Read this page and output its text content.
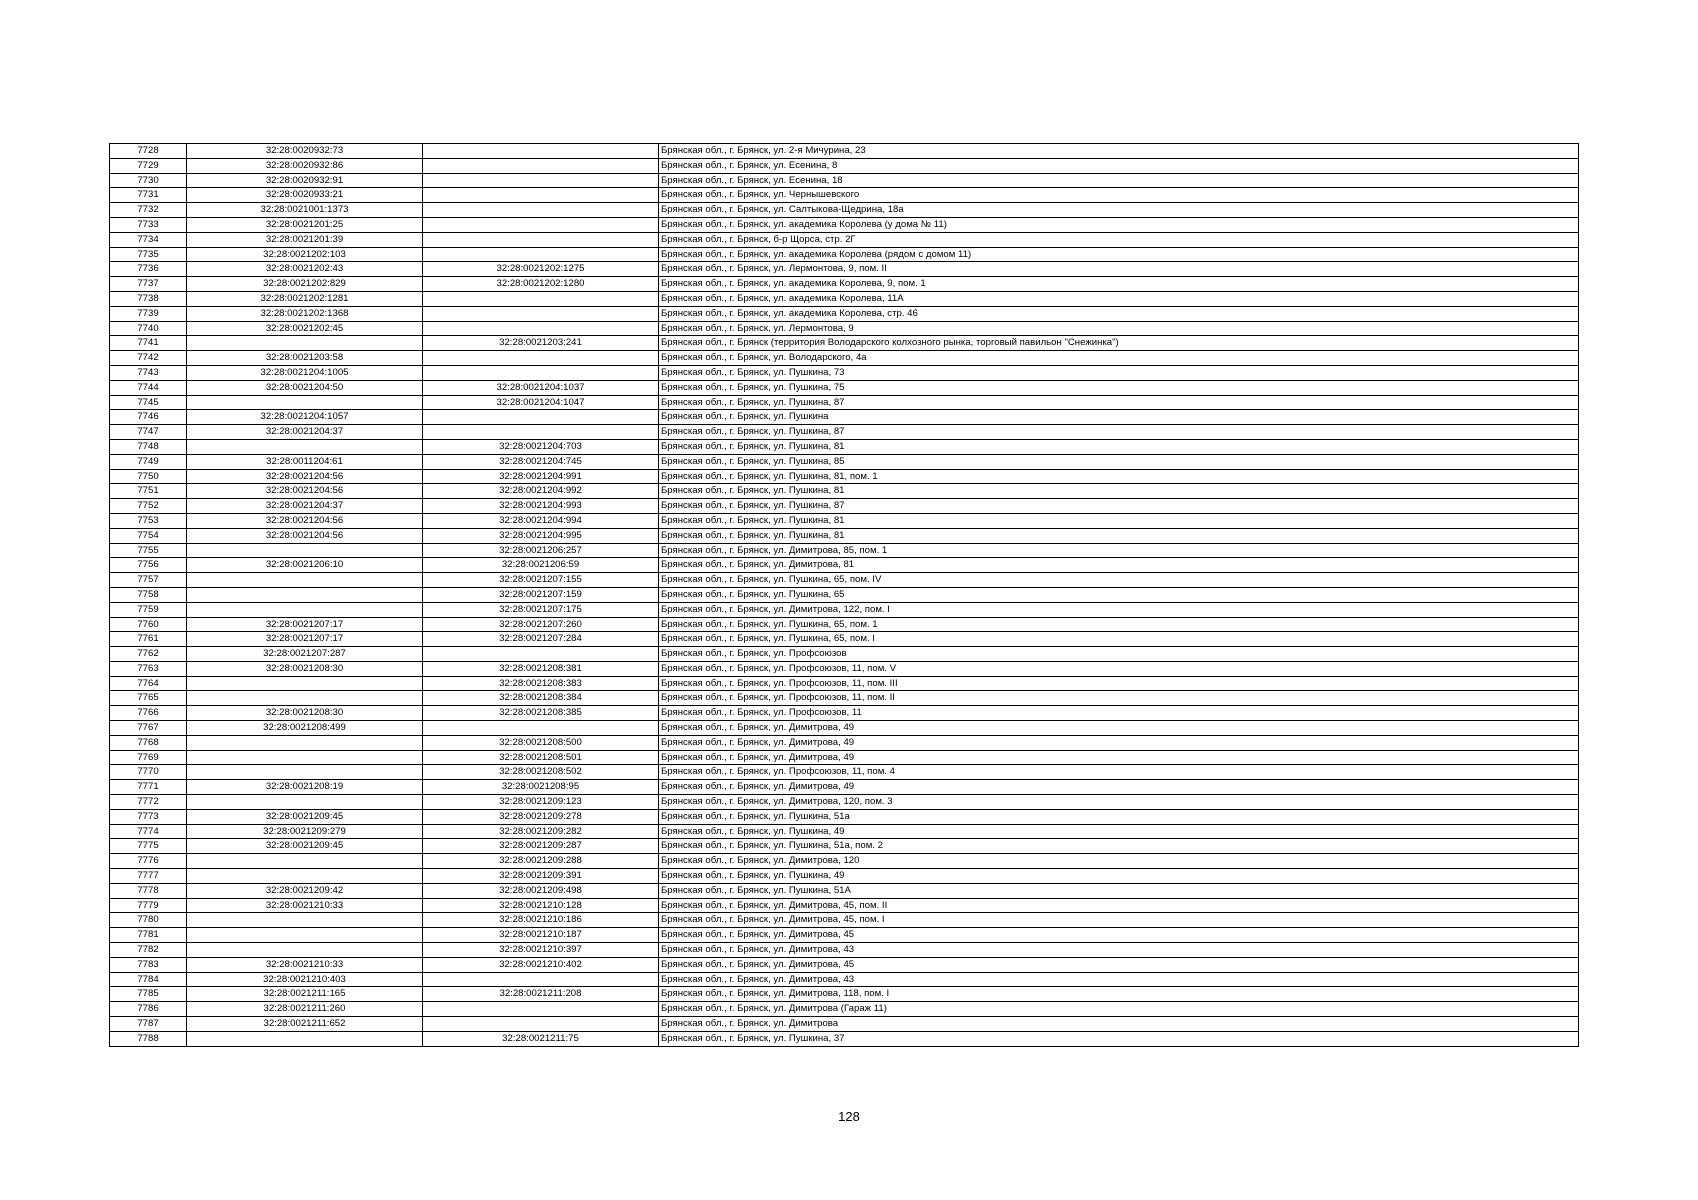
7728	32:28:0020932:73		Брянская обл., г. Брянск, ул. 2-я Мичурина, 23
7729	32:28:0020932:86		Брянская обл., г. Брянск, ул. Есенина, 8
7730	32:28:0020932:91		Брянская обл., г. Брянск, ул. Есенина, 18
7731	32:28:0020933:21		Брянская обл., г. Брянск, ул. Чернышевского
7732	32:28:0021001:1373		Брянская обл., г. Брянск, ул. Салтыкова-Щедрина, 18а
7733	32:28:0021201:25		Брянская обл., г. Брянск, ул. академика Королева (у дома № 11)
7734	32:28:0021201:39		Брянская обл., г. Брянск, б-р Щорса, стр. 2Г
7735	32:28:0021202:103		Брянская обл., г. Брянск, ул. академика Королева (рядом с домом 11)
7736	32:28:0021202:43	32:28:0021202:1275	Брянская обл., г. Брянск, ул. Лермонтова, 9, пом. II
7737	32:28:0021202:829	32:28:0021202:1280	Брянская обл., г. Брянск, ул. академика Королева, 9, пом. 1
7738	32:28:0021202:1281		Брянская обл., г. Брянск, ул. академика Королева, 11А
7739	32:28:0021202:1368		Брянская обл., г. Брянск, ул. академика Королева, стр. 46
7740	32:28:0021202:45		Брянская обл., г. Брянск, ул. Лермонтова, 9
7741		32:28:0021203:241	Брянская обл., г. Брянск (территория Володарского колхозного рынка, торговый павильон "Снежинка")
7742	32:28:0021203:58		Брянская обл., г. Брянск, ул. Володарского, 4а
7743	32:28:0021204:1005		Брянская обл., г. Брянск, ул. Пушкина, 73
7744	32:28:0021204:50	32:28:0021204:1037	Брянская обл., г. Брянск, ул. Пушкина, 75
7745		32:28:0021204:1047	Брянская обл., г. Брянск, ул. Пушкина, 87
7746	32:28:0021204:1057		Брянская обл., г. Брянск, ул. Пушкина
7747	32:28:0021204:37		Брянская обл., г. Брянск, ул. Пушкина, 87
7748		32:28:0021204:703	Брянская обл., г. Брянск, ул. Пушкина, 81
7749	32:28:0011204:61	32:28:0021204:745	Брянская обл., г. Брянск, ул. Пушкина, 85
7750	32:28:0021204:56	32:28:0021204:991	Брянская обл., г. Брянск, ул. Пушкина, 81, пом. 1
7751	32:28:0021204:56	32:28:0021204:992	Брянская обл., г. Брянск, ул. Пушкина, 81
7752	32:28:0021204:37	32:28:0021204:993	Брянская обл., г. Брянск, ул. Пушкина, 87
7753	32:28:0021204:56	32:28:0021204:994	Брянская обл., г. Брянск, ул. Пушкина, 81
7754	32:28:0021204:56	32:28:0021204:995	Брянская обл., г. Брянск, ул. Пушкина, 81
7755		32:28:0021206:257	Брянская обл., г. Брянск, ул. Димитрова, 85, пом. 1
7756	32:28:0021206:10	32:28:0021206:59	Брянская обл., г. Брянск, ул. Димитрова, 81
7757		32:28:0021207:155	Брянская обл., г. Брянск, ул. Пушкина, 65, пом. IV
7758		32:28:0021207:159	Брянская обл., г. Брянск, ул. Пушкина, 65
7759		32:28:0021207:175	Брянская обл., г. Брянск, ул. Димитрова, 122, пом. I
7760	32:28:0021207:17	32:28:0021207:260	Брянская обл., г. Брянск, ул. Пушкина, 65, пом. 1
7761	32:28:0021207:17	32:28:0021207:284	Брянская обл., г. Брянск, ул. Пушкина, 65, пом. I
7762	32:28:0021207:287		Брянская обл., г. Брянск, ул. Профсоюзов
7763	32:28:0021208:30	32:28:0021208:381	Брянская обл., г. Брянск, ул. Профсоюзов, 11, пом. V
7764		32:28:0021208:383	Брянская обл., г. Брянск, ул. Профсоюзов, 11, пом. III
7765		32:28:0021208:384	Брянская обл., г. Брянск, ул. Профсоюзов, 11, пом. II
7766	32:28:0021208:30	32:28:0021208:385	Брянская обл., г. Брянск, ул. Профсоюзов, 11
7767	32:28:0021208:499		Брянская обл., г. Брянск, ул. Димитрова, 49
7768		32:28:0021208:500	Брянская обл., г. Брянск, ул. Димитрова, 49
7769		32:28:0021208:501	Брянская обл., г. Брянск, ул. Димитрова, 49
7770		32:28:0021208:502	Брянская обл., г. Брянск, ул. Профсоюзов, 11, пом. 4
7771	32:28:0021208:19	32:28:0021208:95	Брянская обл., г. Брянск, ул. Димитрова, 49
7772		32:28:0021209:123	Брянская обл., г. Брянск, ул. Димитрова, 120, пом. 3
7773	32:28:0021209:45	32:28:0021209:278	Брянская обл., г. Брянск, ул. Пушкина, 51а
7774	32:28:0021209:279	32:28:0021209:282	Брянская обл., г. Брянск, ул. Пушкина, 49
7775	32:28:0021209:45	32:28:0021209:287	Брянская обл., г. Брянск, ул. Пушкина, 51а, пом. 2
7776		32:28:0021209:288	Брянская обл., г. Брянск, ул. Димитрова, 120
7777		32:28:0021209:391	Брянская обл., г. Брянск, ул. Пушкина, 49
7778	32:28:0021209:42	32:28:0021209:498	Брянская обл., г. Брянск, ул. Пушкина, 51А
7779	32:28:0021210:33	32:28:0021210:128	Брянская обл., г. Брянск, ул. Димитрова, 45, пом. II
7780		32:28:0021210:186	Брянская обл., г. Брянск, ул. Димитрова, 45, пом. I
7781		32:28:0021210:187	Брянская обл., г. Брянск, ул. Димитрова, 45
7782		32:28:0021210:397	Брянская обл., г. Брянск, ул. Димитрова, 43
7783	32:28:0021210:33	32:28:0021210:402	Брянская обл., г. Брянск, ул. Димитрова, 45
7784	32:28:0021210:403		Брянская обл., г. Брянск, ул. Димитрова, 43
7785	32:28:0021211:165	32:28:0021211:208	Брянская обл., г. Брянск, ул. Димитрова, 118, пом. I
7786	32:28:0021211:260		Брянская обл., г. Брянск, ул. Димитрова (Гараж 11)
7787	32:28:0021211:652		Брянская обл., г. Брянск, ул. Димитрова
7788		32:28:0021211:75	Брянская обл., г. Брянск, ул. Пушкина, 37
128
